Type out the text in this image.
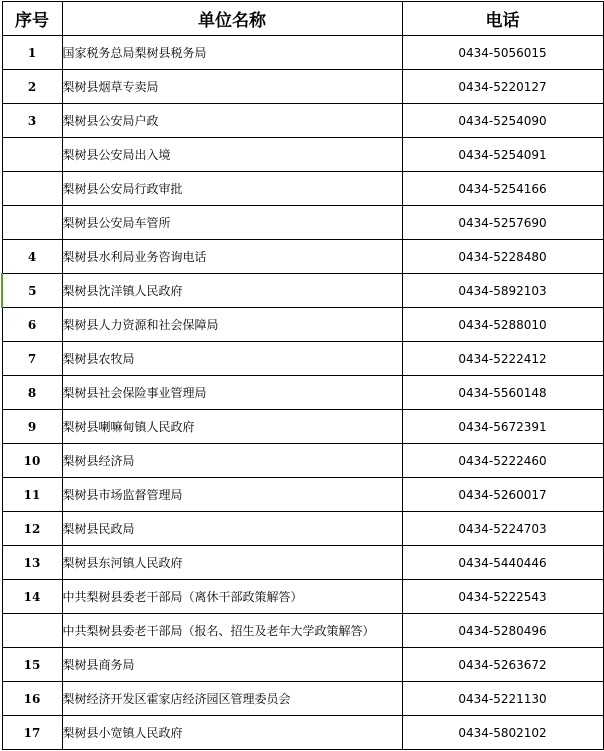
序号	单位名称	电话
1	国家税务总局梨树县税务局	0434-5056015
2	梨树县烟草专卖局	0434-5220127
3	梨树县公安局户政	0434-5254090
	梨树县公安局出入境	0434-5254091
	梨树县公安局行政审批	0434-5254166
	梨树县公安局车管所	0434-5257690
4	梨树县水利局业务咨询电话	0434-5228480
5	梨树县沈洋镇人民政府	0434-5892103
6	梨树县人力资源和社会保障局	0434-5288010
7	梨树县农牧局	0434-5222412
8	梨树县社会保险事业管理局	0434-5560148
9	梨树县喇嘛甸镇人民政府	0434-5672391
10	梨树县经济局	0434-5222460
11	梨树县市场监督管理局	0434-5260017
12	梨树县民政局	0434-5224703
13	梨树县东河镇人民政府	0434-5440446
14	中共梨树县委老干部局（离休干部政策解答）	0434-5222543
	中共梨树县委老干部局（报名、招生及老年大学政策解答）	0434-5280496
15	梨树县商务局	0434-5263672
16	梨树经济开发区霍家店经济园区管理委员会	0434-5221130
17	梨树县小宽镇人民政府	0434-5802102
